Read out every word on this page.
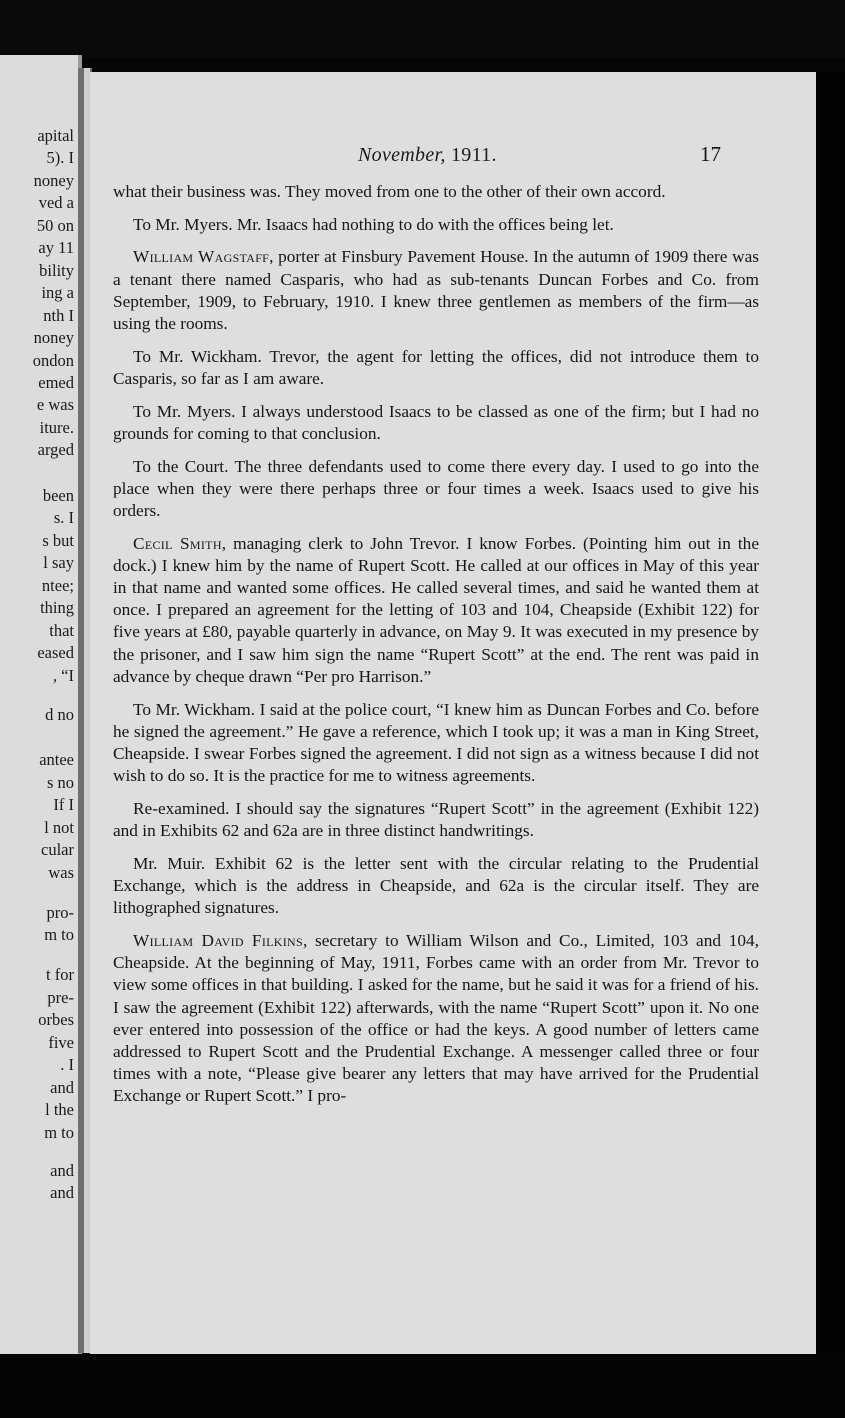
apital
5). I
noney
ved a
50 on
ay 11
bility
ing a
nth I
noney
ondon
emed
e was
iture.
arged
been
s. I
s but
l say
ntee;
thing
that
eased
, “I
d no
antee
s no
If I
l not
cular
was
pro-
m to
t for
pre-
orbes
five
. I
and
l the
m to
and
and
November, 1911.	17

what their business was. They moved from one to the other of their own accord.

To Mr. Myers. Mr. Isaacs had nothing to do with the offices being let.

William Wagstaff, porter at Finsbury Pavement House. In the autumn of 1909 there was a tenant there named Casparis, who had as sub-tenants Duncan Forbes and Co. from September, 1909, to February, 1910. I knew three gentlemen as members of the firm—as using the rooms.

To Mr. Wickham. Trevor, the agent for letting the offices, did not introduce them to Casparis, so far as I am aware.

To Mr. Myers. I always understood Isaacs to be classed as one of the firm; but I had no grounds for coming to that conclusion.

To the Court. The three defendants used to come there every day. I used to go into the place when they were there perhaps three or four times a week. Isaacs used to give his orders.

Cecil Smith, managing clerk to John Trevor. I know Forbes. (Pointing him out in the dock.) I knew him by the name of Rupert Scott. He called at our offices in May of this year in that name and wanted some offices. He called several times, and said he wanted them at once. I prepared an agreement for the letting of 103 and 104, Cheapside (Exhibit 122) for five years at £80, payable quarterly in advance, on May 9. It was executed in my presence by the prisoner, and I saw him sign the name “Rupert Scott” at the end. The rent was paid in advance by cheque drawn “Per pro Harrison.”

To Mr. Wickham. I said at the police court, “I knew him as Duncan Forbes and Co. before he signed the agreement.” He gave a reference, which I took up; it was a man in King Street, Cheapside. I swear Forbes signed the agreement. I did not sign as a witness because I did not wish to do so. It is the practice for me to witness agreements.

Re-examined. I should say the signatures “Rupert Scott” in the agreement (Exhibit 122) and in Exhibits 62 and 62a are in three distinct handwritings.

Mr. Muir. Exhibit 62 is the letter sent with the circular relating to the Prudential Exchange, which is the address in Cheapside, and 62a is the circular itself. They are lithographed signatures.

William David Filkins, secretary to William Wilson and Co., Limited, 103 and 104, Cheapside. At the beginning of May, 1911, Forbes came with an order from Mr. Trevor to view some offices in that building. I asked for the name, but he said it was for a friend of his. I saw the agreement (Exhibit 122) afterwards, with the name “Rupert Scott” upon it. No one ever entered into possession of the office or had the keys. A good number of letters came addressed to Rupert Scott and the Prudential Exchange. A messenger called three or four times with a note, “Please give bearer any letters that may have arrived for the Prudential Exchange or Rupert Scott.” I pro-
